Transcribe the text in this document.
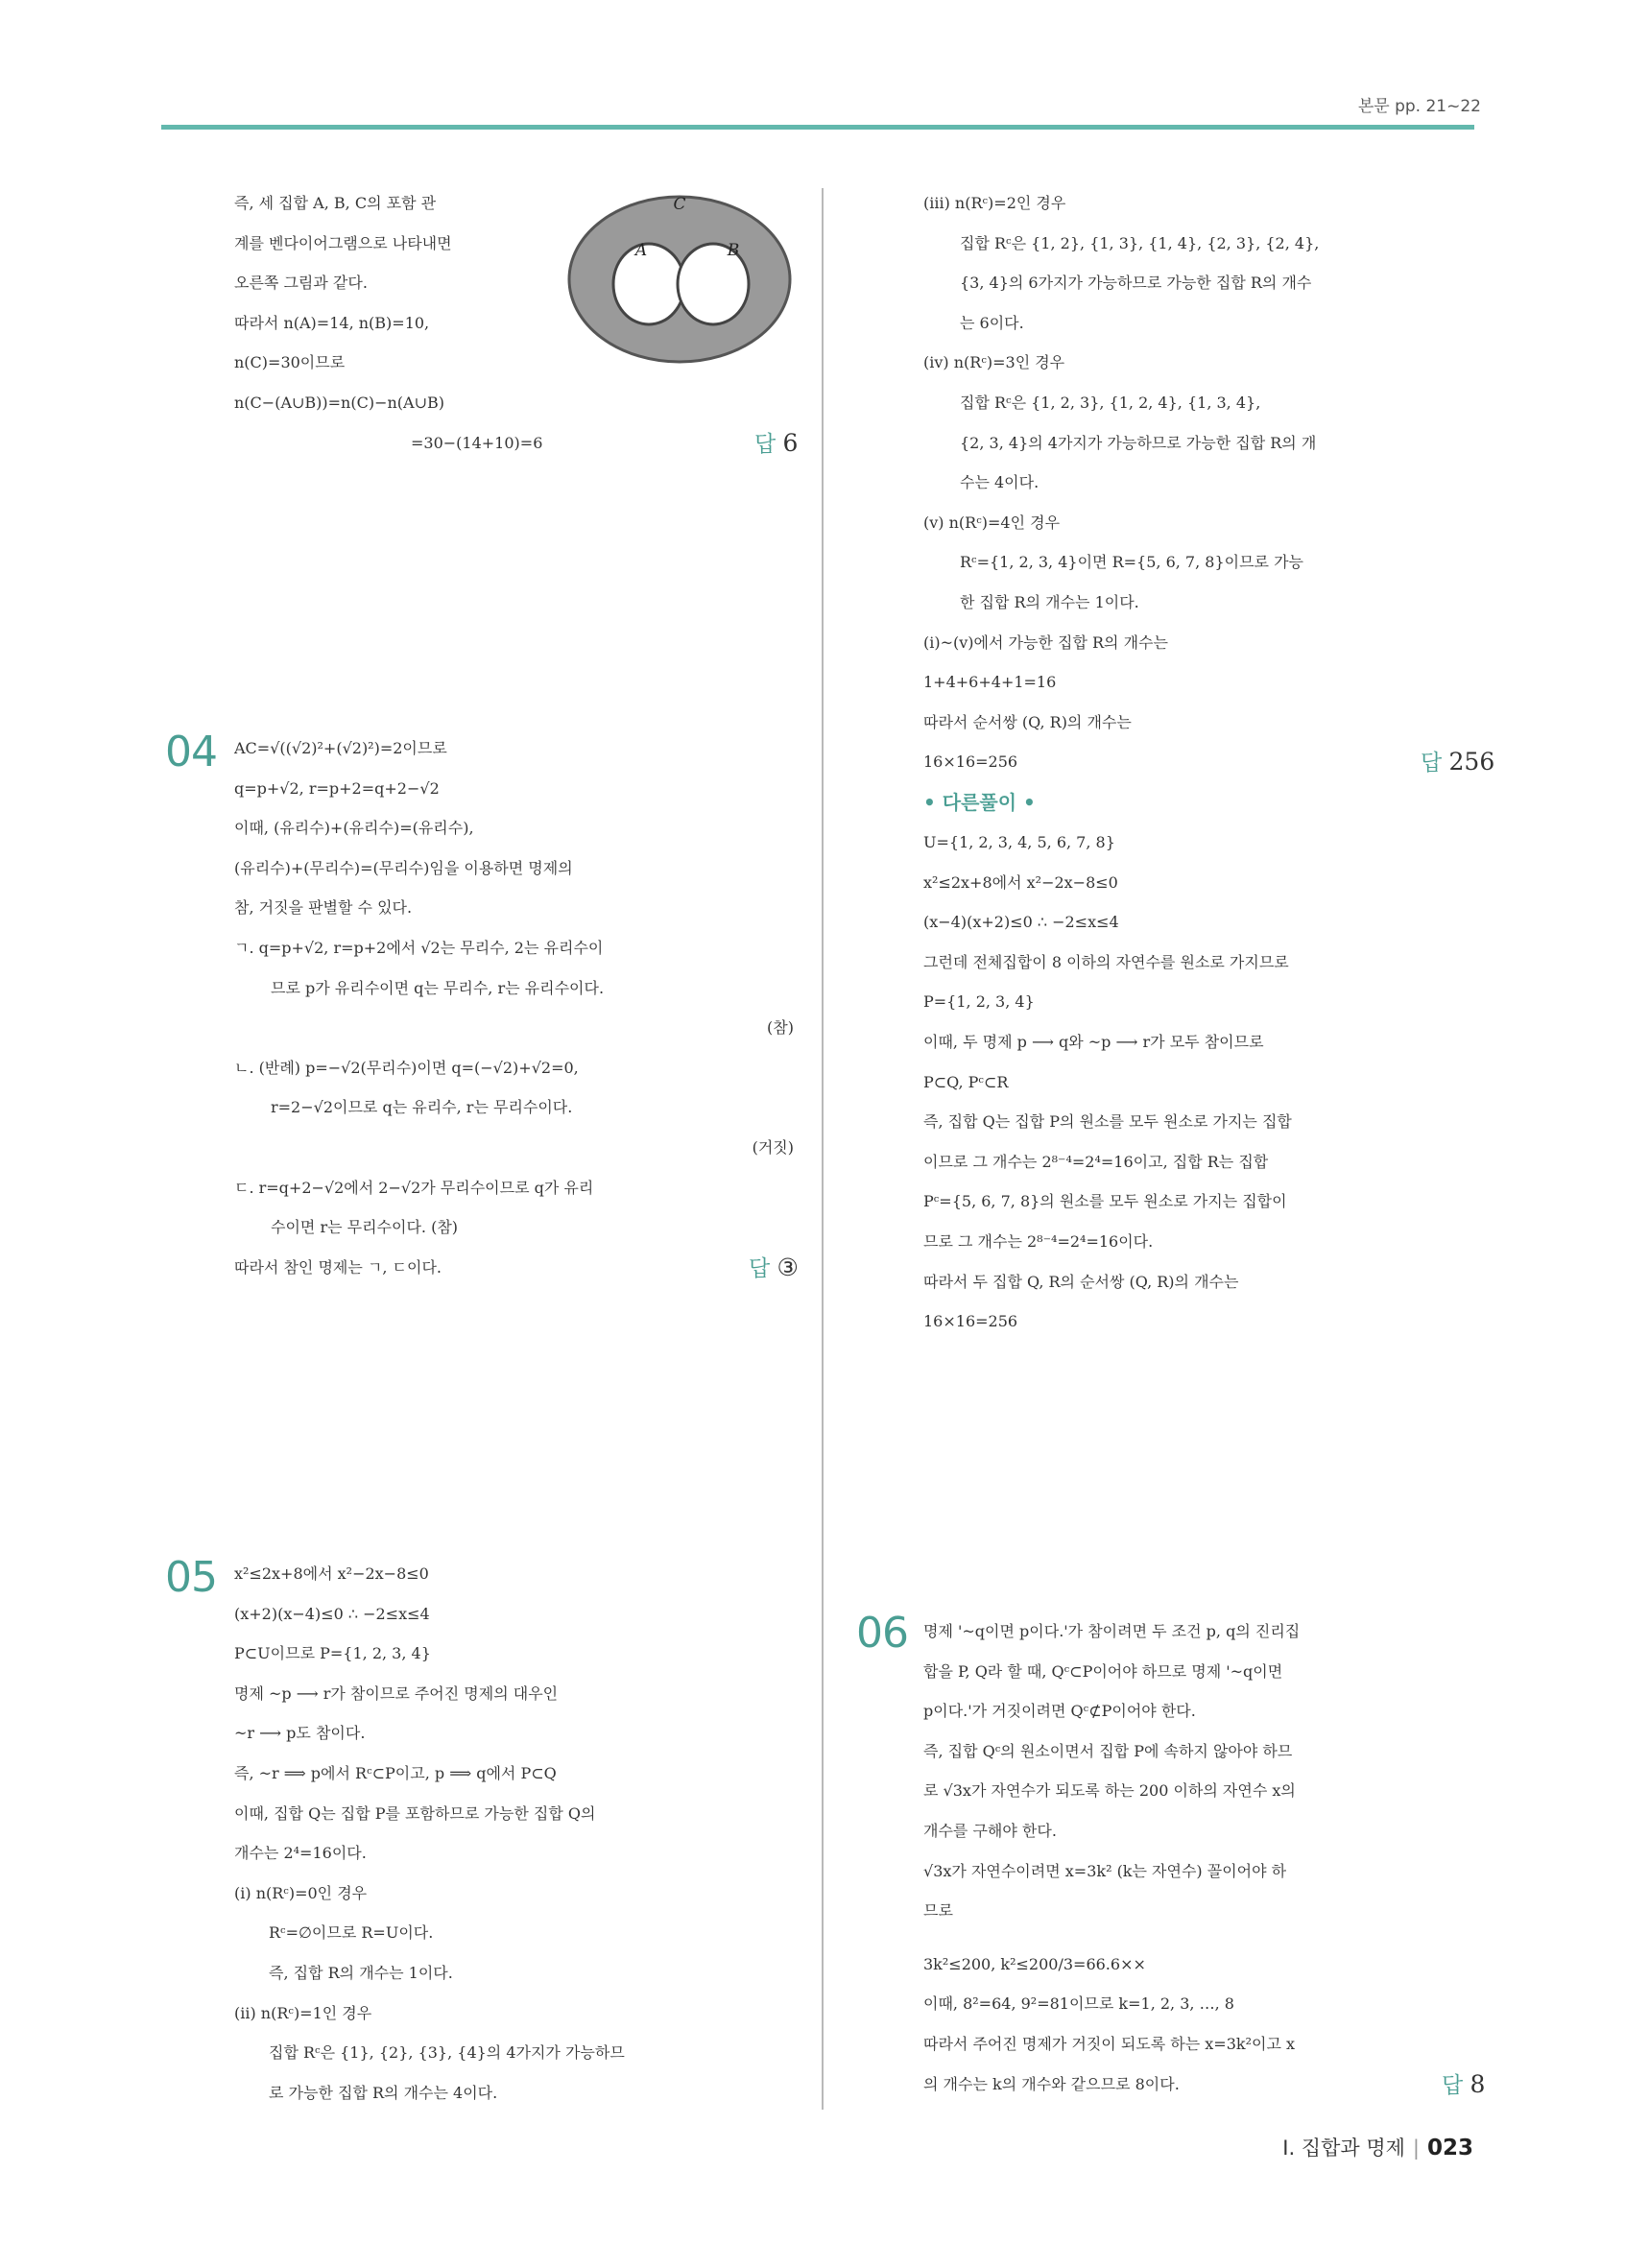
본문 pp. 21~22
C
A	B
Ⅰ. 집합과 명제 | 023
즉, 세 집합 A, B, C의 포함 관
계를 벤다이어그램으로 나타내면
오른쪽 그림과 같다.
따라서 n(A)=14, n(B)=10,
n(C)=30이므로
n(C−(A∪B))=n(C)−n(A∪B)
=30−(14+10)=6	답 6
04 AC=√((√2)²+(√2)²)=2이므로
q=p+√2, r=p+2=q+2−√2
이때, (유리수)+(유리수)=(유리수),
(유리수)+(무리수)=(무리수)임을 이용하면 명제의
참, 거짓을 판별할 수 있다.
ㄱ. q=p+√2, r=p+2에서 √2는 무리수, 2는 유리수이
므로 p가 유리수이면 q는 무리수, r는 유리수이다.
(참)
ㄴ. (반례) p=−√2(무리수)이면 q=(−√2)+√2=0,
r=2−√2이므로 q는 유리수, r는 무리수이다.
(거짓)
ㄷ. r=q+2−√2에서 2−√2가 무리수이므로 q가 유리
수이면 r는 무리수이다. (참)
따라서 참인 명제는 ㄱ, ㄷ이다.	답 ③
05 x²≤2x+8에서 x²−2x−8≤0
(x+2)(x−4)≤0 ∴ −2≤x≤4
P⊂U이므로 P={1, 2, 3, 4}
명제 ~p ⟶ r가 참이므로 주어진 명제의 대우인
~r ⟶ p도 참이다.
즉, ~r ⟹ p에서 Rᶜ⊂P이고, p ⟹ q에서 P⊂Q
이때, 집합 Q는 집합 P를 포함하므로 가능한 집합 Q의
개수는 2⁴=16이다.
(ⅰ) n(Rᶜ)=0인 경우
Rᶜ=∅이므로 R=U이다.
즉, 집합 R의 개수는 1이다.
(ⅱ) n(Rᶜ)=1인 경우
집합 Rᶜ은 {1}, {2}, {3}, {4}의 4가지가 가능하므
로 가능한 집합 R의 개수는 4이다.
(ⅲ) n(Rᶜ)=2인 경우
집합 Rᶜ은 {1, 2}, {1, 3}, {1, 4}, {2, 3}, {2, 4},
{3, 4}의 6가지가 가능하므로 가능한 집합 R의 개수
는 6이다.
(ⅳ) n(Rᶜ)=3인 경우
집합 Rᶜ은 {1, 2, 3}, {1, 2, 4}, {1, 3, 4},
{2, 3, 4}의 4가지가 가능하므로 가능한 집합 R의 개
수는 4이다.
(ⅴ) n(Rᶜ)=4인 경우
Rᶜ={1, 2, 3, 4}이면 R={5, 6, 7, 8}이므로 가능
한 집합 R의 개수는 1이다.
(ⅰ)~(ⅴ)에서 가능한 집합 R의 개수는
1+4+6+4+1=16
따라서 순서쌍 (Q, R)의 개수는
16×16=256	답 256
• 다른풀이 •
U={1, 2, 3, 4, 5, 6, 7, 8}
x²≤2x+8에서 x²−2x−8≤0
(x−4)(x+2)≤0 ∴ −2≤x≤4
그런데 전체집합이 8 이하의 자연수를 원소로 가지므로
P={1, 2, 3, 4}
이때, 두 명제 p ⟶ q와 ~p ⟶ r가 모두 참이므로
P⊂Q, Pᶜ⊂R
즉, 집합 Q는 집합 P의 원소를 모두 원소로 가지는 집합
이므로 그 개수는 2⁸⁻⁴=2⁴=16이고, 집합 R는 집합
Pᶜ={5, 6, 7, 8}의 원소를 모두 원소로 가지는 집합이
므로 그 개수는 2⁸⁻⁴=2⁴=16이다.
따라서 두 집합 Q, R의 순서쌍 (Q, R)의 개수는
16×16=256
06 명제 '~q이면 p이다.'가 참이려면 두 조건 p, q의 진리집
합을 P, Q라 할 때, Qᶜ⊂P이어야 하므로 명제 '~q이면
p이다.'가 거짓이려면 Qᶜ⊄P이어야 한다.
즉, 집합 Qᶜ의 원소이면서 집합 P에 속하지 않아야 하므
로 √3x가 자연수가 되도록 하는 200 이하의 자연수 x의
개수를 구해야 한다.
√3x가 자연수이려면 x=3k² (k는 자연수) 꼴이어야 하
므로
3k²≤200, k²≤200/3=66.6××
이때, 8²=64, 9²=81이므로 k=1, 2, 3, …, 8
따라서 주어진 명제가 거짓이 되도록 하는 x=3k²이고 x
의 개수는 k의 개수와 같으므로 8이다.	답 8
